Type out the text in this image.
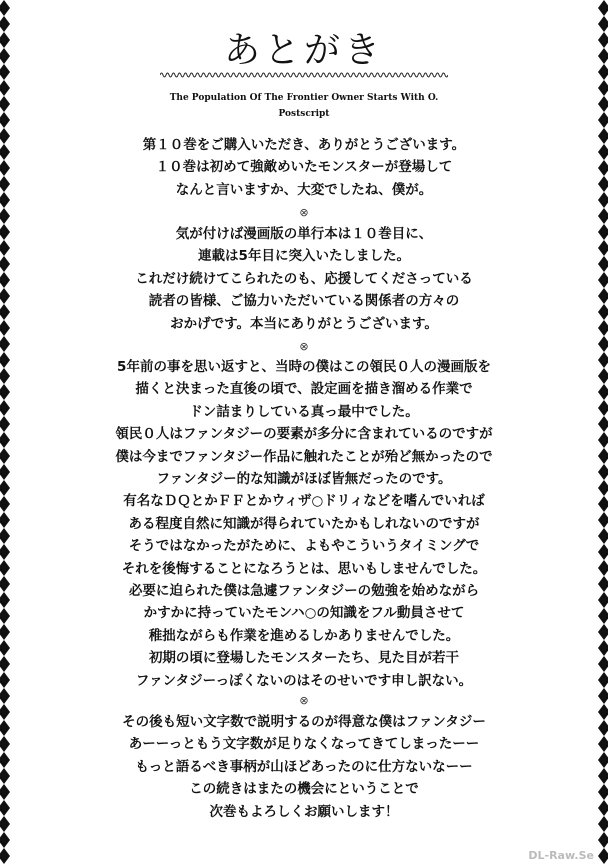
あとがき
The Population Of The Frontier Owner Starts With O.
Postscript
第１０巻をご購入いただき、ありがとうございます。
１０巻は初めて強敵めいたモンスターが登場して
なんと言いますか、大変でしたね、僕が。
⊗
気が付けば漫画版の単行本は１０巻目に、
連載は5年目に突入いたしました。
これだけ続けてこられたのも、応援してくださっている
読者の皆様、ご協力いただいている関係者の方々の
おかげです。本当にありがとうございます。
⊗
5年前の事を思い返すと、当時の僕はこの領民０人の漫画版を
描くと決まった直後の頃で、設定画を描き溜める作業で
ドン詰まりしている真っ最中でした。
領民０人はファンタジーの要素が多分に含まれているのですが
僕は今までファンタジー作品に触れたことが殆ど無かったので
ファンタジー的な知識がほぼ皆無だったのです。
有名なＤＱとかＦＦとかウィザ○ドリィなどを嗜んでいれば
ある程度自然に知識が得られていたかもしれないのですが
そうではなかったがために、よもやこういうタイミングで
それを後悔することになろうとは、思いもしませんでした。
必要に迫られた僕は急遽ファンタジーの勉強を始めながら
かすかに持っていたモンハ○の知識をフル動員させて
稚拙ながらも作業を進めるしかありませんでした。
初期の頃に登場したモンスターたち、見た目が若干
ファンタジーっぽくないのはそのせいです申し訳ない。
⊗
その後も短い文字数で説明するのが得意な僕はファンタジー
あーーっともう文字数が足りなくなってきてしまったーー
もっと語るべき事柄が山ほどあったのに仕方ないなーー
この続きはまたの機会にということで
次巻もよろしくお願いします！
DL-Raw.Se
